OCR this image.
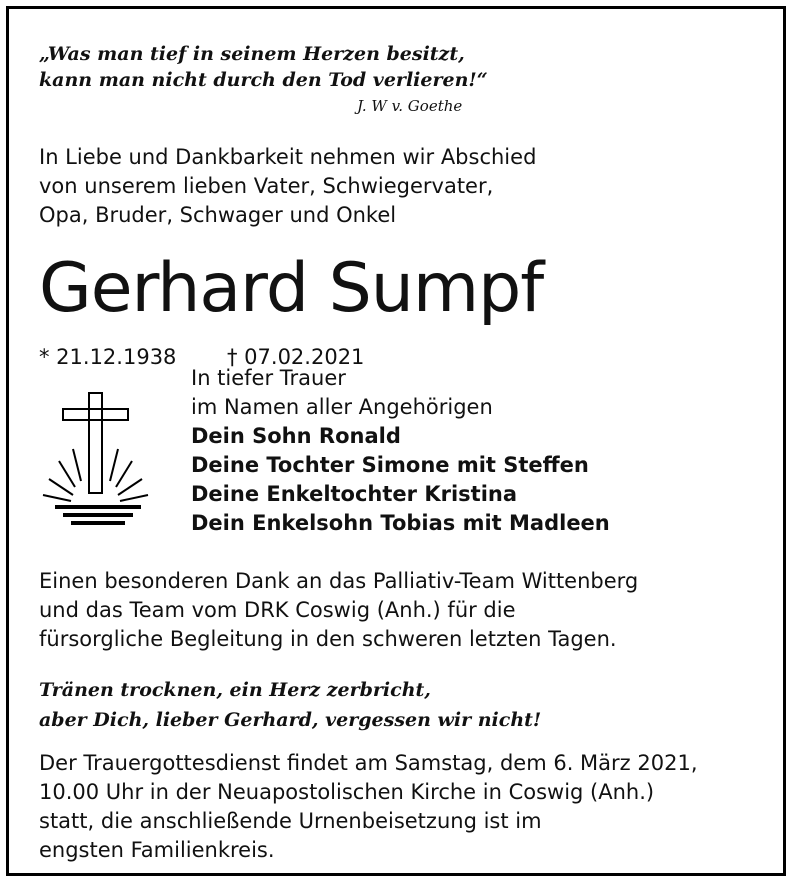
„Was man tief in seinem Herzen besitzt,
kann man nicht durch den Tod verlieren!“
J. W v. Goethe
In Liebe und Dankbarkeit nehmen wir Abschied
von unserem lieben Vater, Schwiegervater,
Opa, Bruder, Schwager und Onkel
Gerhard Sumpf
* 21.12.1938 † 07.02.2021
In tiefer Trauer
im Namen aller Angehörigen
Dein Sohn Ronald
Deine Tochter Simone mit Steffen
Deine Enkeltochter Kristina
Dein Enkelsohn Tobias mit Madleen
Einen besonderen Dank an das Palliativ-Team Wittenberg
und das Team vom DRK Coswig (Anh.) für die
fürsorgliche Begleitung in den schweren letzten Tagen.
Tränen trocknen, ein Herz zerbricht,
aber Dich, lieber Gerhard, vergessen wir nicht!
Der Trauergottesdienst findet am Samstag, dem 6. März 2021,
10.00 Uhr in der Neuapostolischen Kirche in Coswig (Anh.)
statt, die anschließende Urnenbeisetzung ist im
engsten Familienkreis.
